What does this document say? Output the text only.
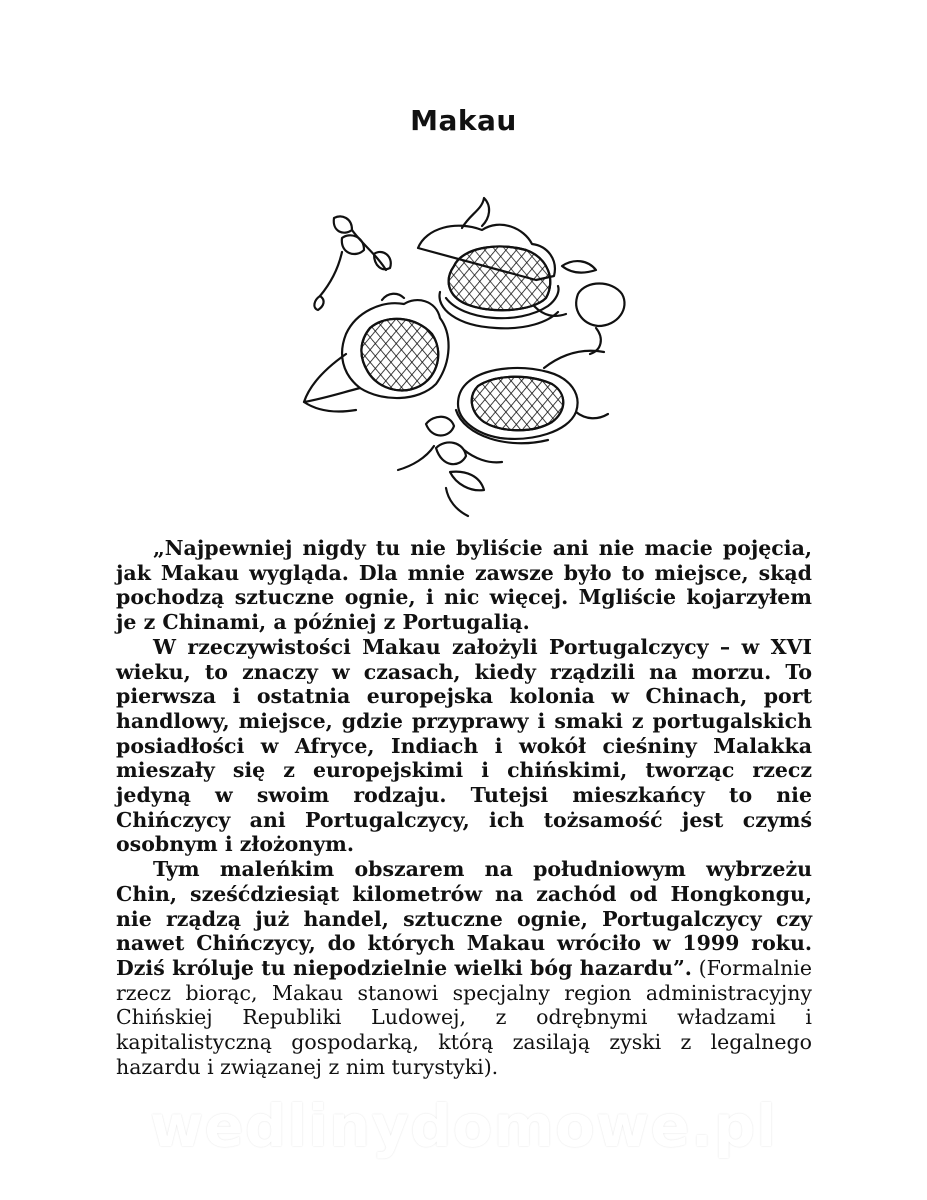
Makau

„Najpewniej nigdy tu nie byliście ani nie macie pojęcia, jak Makau wygląda. Dla mnie zawsze było to miejsce, skąd pochodzą sztuczne ognie, i nic więcej. Mgliście kojarzyłem je z Chinami, a później z Portugalią.

W rzeczywistości Makau założyli Portugalczycy – w XVI wieku, to znaczy w czasach, kiedy rządzili na morzu. To pierwsza i ostatnia europejska kolonia w Chinach, port handlowy, miejsce, gdzie przyprawy i smaki z portugalskich posiadłości w Afryce, Indiach i wokół cieśniny Malakka mieszały się z europejskimi i chińskimi, tworząc rzecz jedyną w swoim rodzaju. Tutejsi mieszkańcy to nie Chińczycy ani Portugalczycy, ich tożsamość jest czymś osobnym i złożonym.

Tym maleńkim obszarem na południowym wybrzeżu Chin, sześćdziesiąt kilometrów na zachód od Hongkongu, nie rządzą już handel, sztuczne ognie, Portugalczycy czy nawet Chińczycy, do których Makau wróciło w 1999 roku. Dziś króluje tu niepodzielnie wielki bóg hazardu”. (Formalnie rzecz biorąc, Makau stanowi specjalny region administracyjny Chińskiej Republiki Ludowej, z odrębnymi władzami i kapitalistyczną gospodarką, którą zasilają zyski z legalnego hazardu i związanej z nim turystyki).

wedlinydomowe.pl
